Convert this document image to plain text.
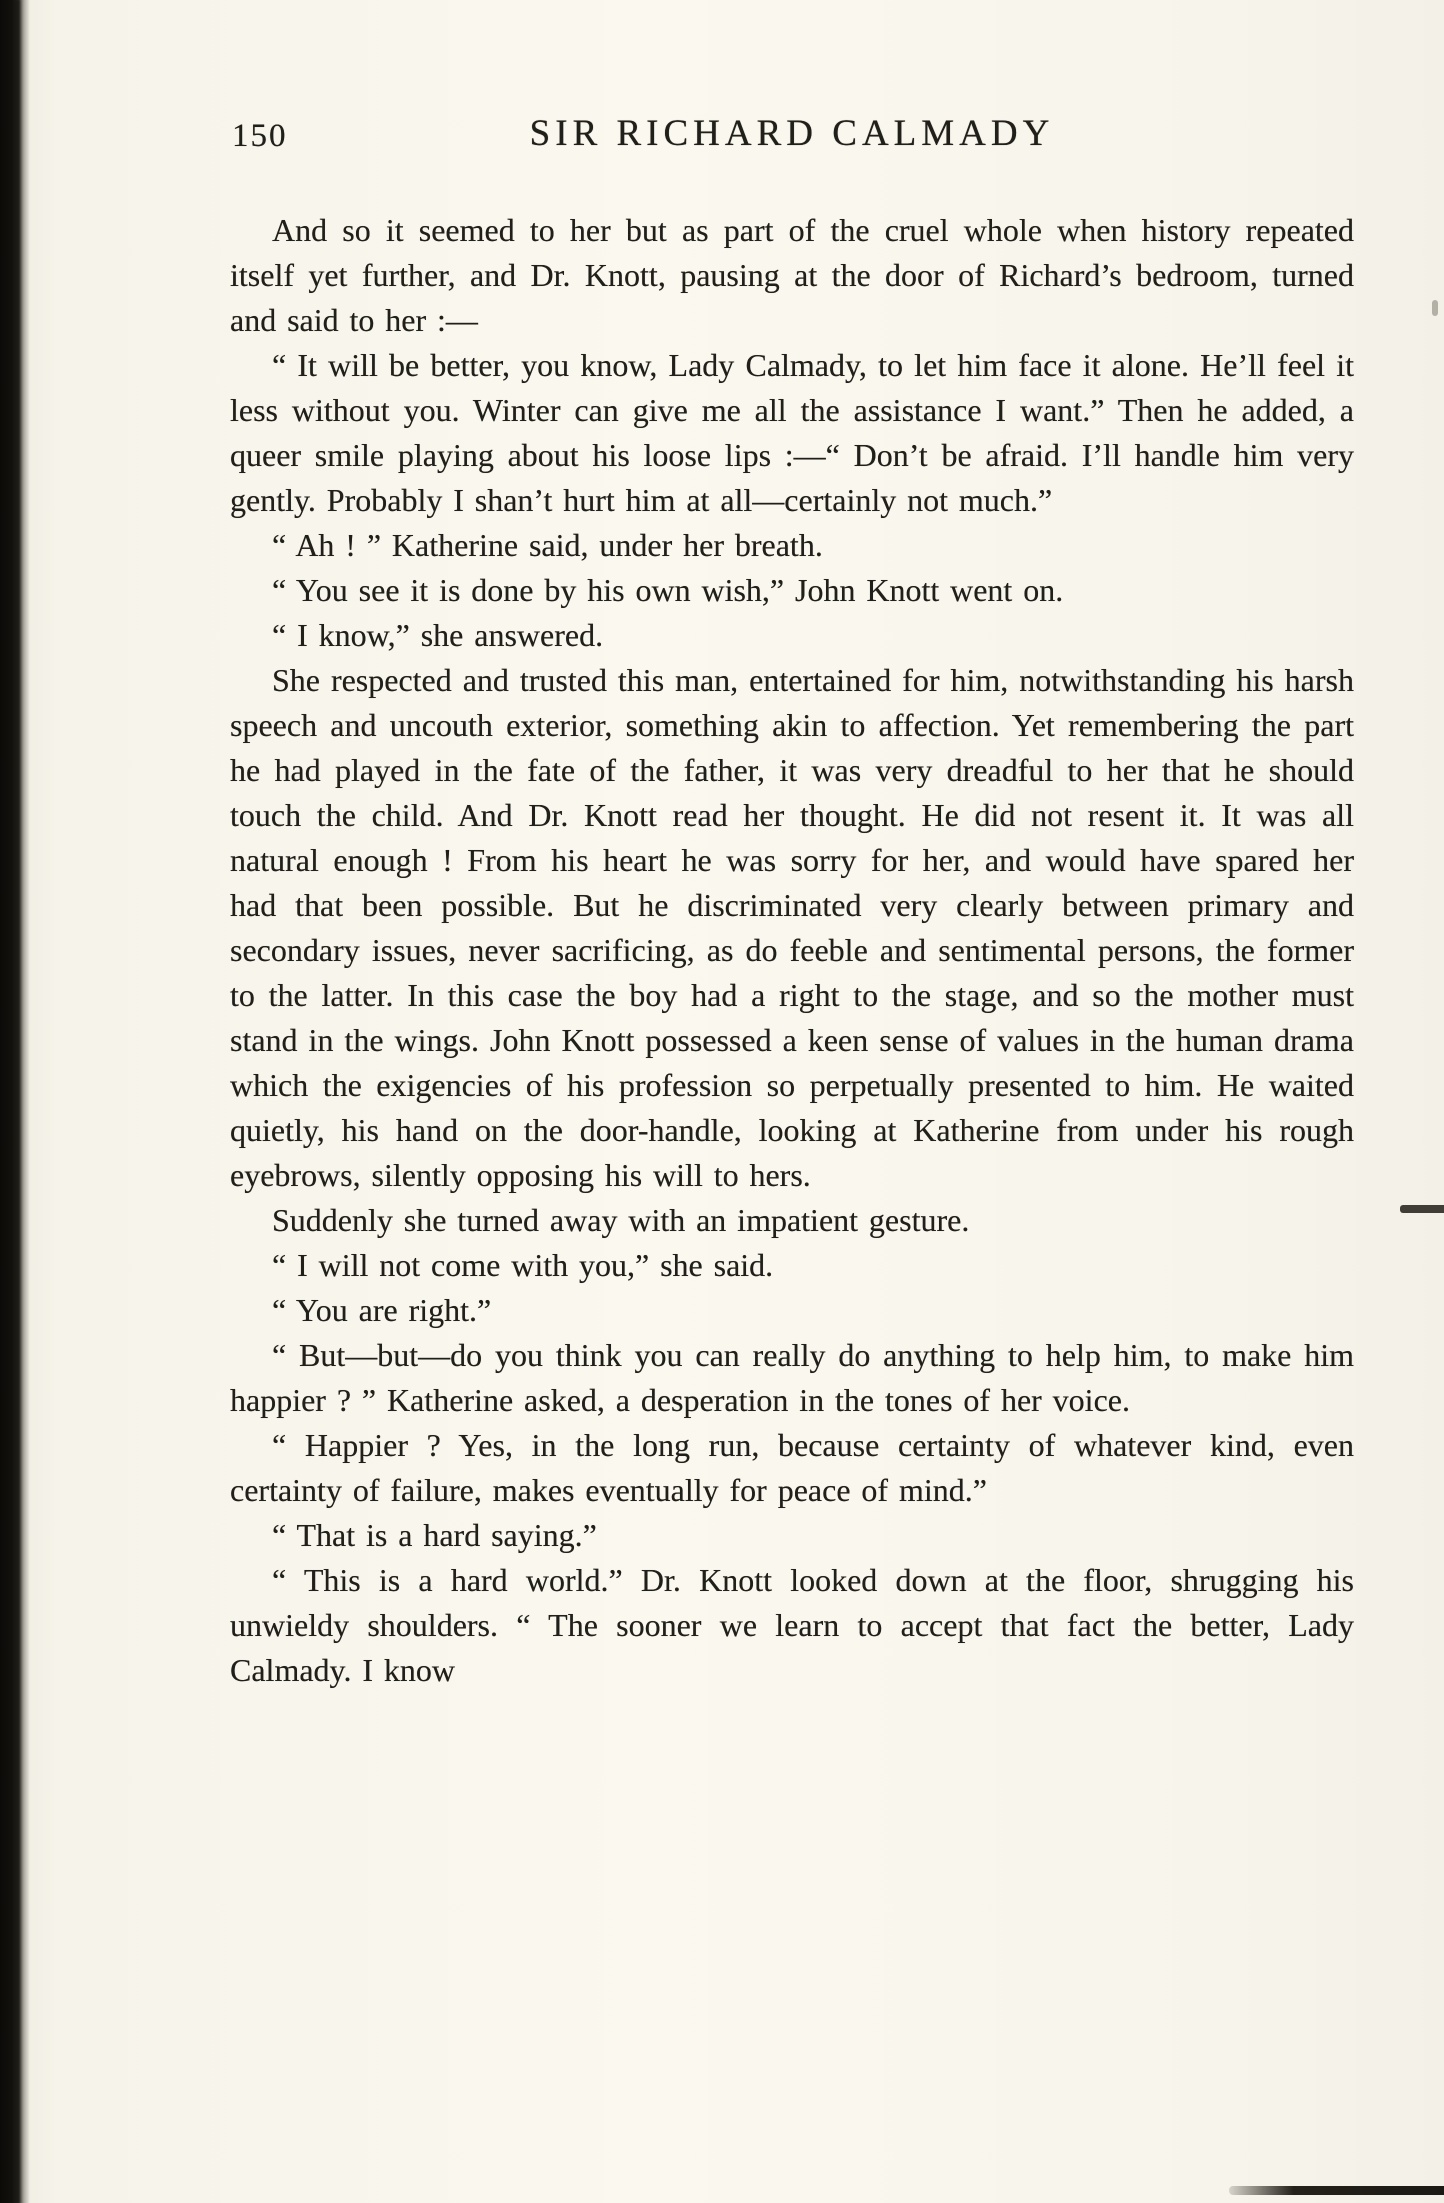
150	SIR RICHARD CALMADY

And so it seemed to her but as part of the cruel whole when history repeated itself yet further, and Dr. Knott, pausing at the door of Richard’s bedroom, turned and said to her :—

“ It will be better, you know, Lady Calmady, to let him face it alone. He’ll feel it less without you. Winter can give me all the assistance I want.” Then he added, a queer smile playing about his loose lips :—“ Don’t be afraid. I’ll handle him very gently. Probably I shan’t hurt him at all—certainly not much.”

“ Ah ! ” Katherine said, under her breath.

“ You see it is done by his own wish,” John Knott went on.

“ I know,” she answered.

She respected and trusted this man, entertained for him, notwithstanding his harsh speech and uncouth exterior, something akin to affection. Yet remembering the part he had played in the fate of the father, it was very dreadful to her that he should touch the child. And Dr. Knott read her thought. He did not resent it. It was all natural enough ! From his heart he was sorry for her, and would have spared her had that been possible. But he discriminated very clearly between primary and secondary issues, never sacrificing, as do feeble and sentimental persons, the former to the latter. In this case the boy had a right to the stage, and so the mother must stand in the wings. John Knott possessed a keen sense of values in the human drama which the exigencies of his profession so perpetually presented to him. He waited quietly, his hand on the door-handle, looking at Katherine from under his rough eyebrows, silently opposing his will to hers.

Suddenly she turned away with an impatient gesture.

“ I will not come with you,” she said.

“ You are right.”

“ But—but—do you think you can really do anything to help him, to make him happier ? ” Katherine asked, a desperation in the tones of her voice.

“ Happier ? Yes, in the long run, because certainty of whatever kind, even certainty of failure, makes eventually for peace of mind.”

“ That is a hard saying.”

“ This is a hard world.” Dr. Knott looked down at the floor, shrugging his unwieldy shoulders. “ The sooner we learn to accept that fact the better, Lady Calmady. I know
